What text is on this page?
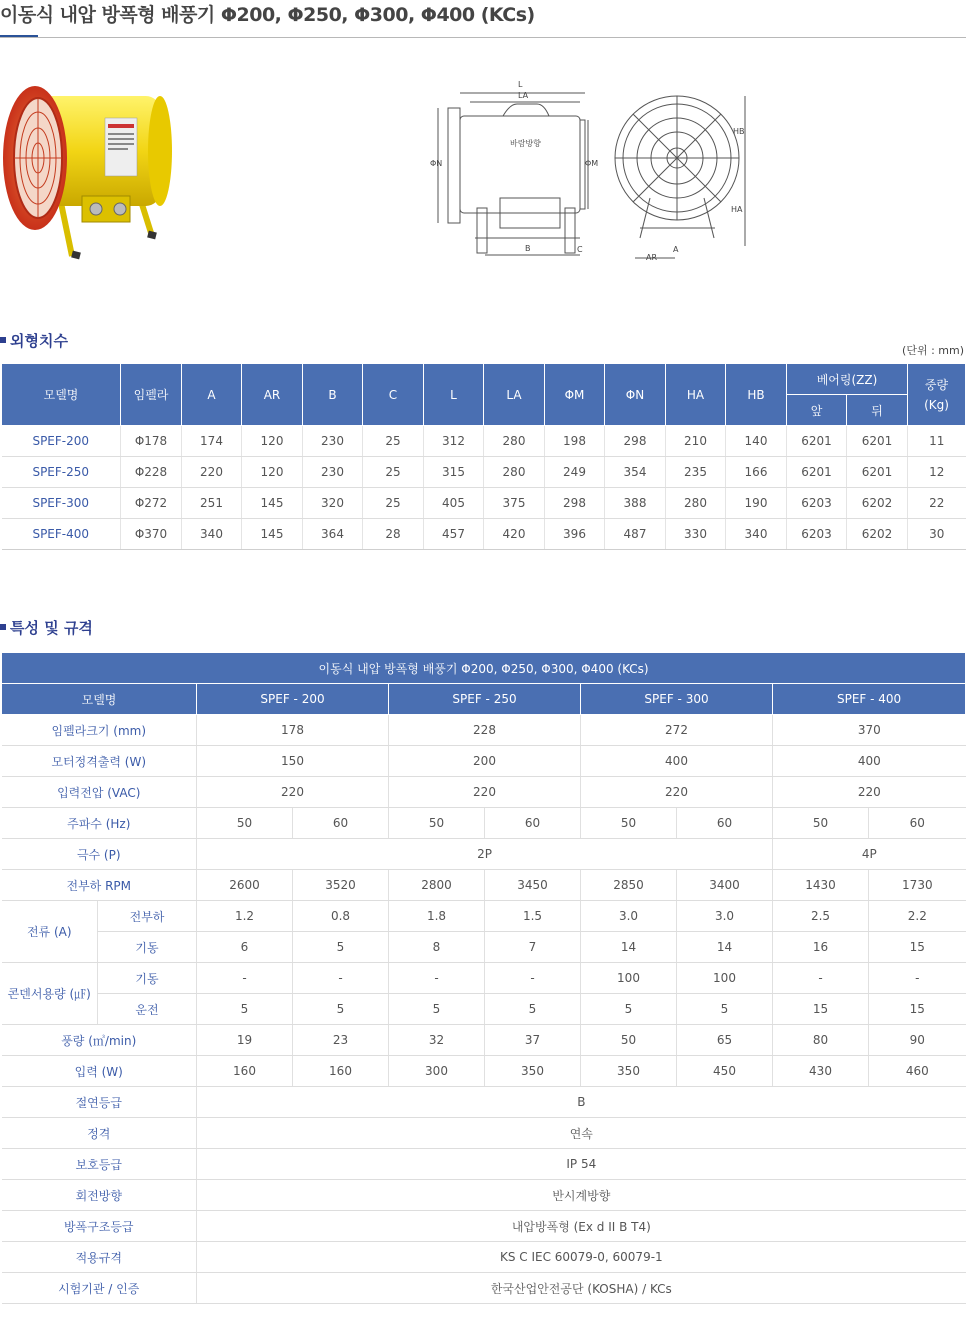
이동식 내압 방폭형 배풍기 Φ200, Φ250, Φ300, Φ400 (KCs)
L
LA
ΦN	ΦM
바람방향
B	C
HB
HA
A
AR
외형치수
(단위 : mm)
모델명	임펠라	A	AR	B	C	L	LA	ΦM	ΦN	HA	HB	베어링(ZZ)		중량
(Kg)
												앞	뒤	
SPEF-200	Φ178	174	120	230	25	312	280	198	298	210	140	6201	6201	11
SPEF-250	Φ228	220	120	230	25	315	280	249	354	235	166	6201	6201	12
SPEF-300	Φ272	251	145	320	25	405	375	298	388	280	190	6203	6202	22
SPEF-400	Φ370	340	145	364	28	457	420	396	487	330	340	6203	6202	30
특성 및 규격
이동식 내압 방폭형 배풍기 Φ200, Φ250, Φ300, Φ400 (KCs)									
모델명		SPEF - 200		SPEF - 250		SPEF - 300		SPEF - 400	
임펠라크기 (mm)		178		228		272		370	
모터정격출력 (W)		150		200		400		400	
입력전압 (VAC)		220		220		220		220	
주파수 (Hz)		50	60	50	60	50	60	50	60
극수 (P)		2P						4P	
전부하 RPM		2600	3520	2800	3450	2850	3400	1430	1730
전류 (A)	전부하	1.2	0.8	1.8	1.5	3.0	3.0	2.5	2.2
	기동	6	5	8	7	14	14	16	15
콘덴서용량 (㎌)	기동	-	-	-	-	100	100	-	-
	운전	5	5	5	5	5	5	15	15
풍량 (㎥/min)		19	23	32	37	50	65	80	90
입력 (W)		160	160	300	350	350	450	430	460
절연등급		B							
정격		연속							
보호등급		IP 54							
회전방향		반시계방향							
방폭구조등급		내압방폭형 (Ex d II B T4)							
적용규격		KS C IEC 60079-0, 60079-1							
시험기관 / 인증		한국산업안전공단 (KOSHA) / KCs							
